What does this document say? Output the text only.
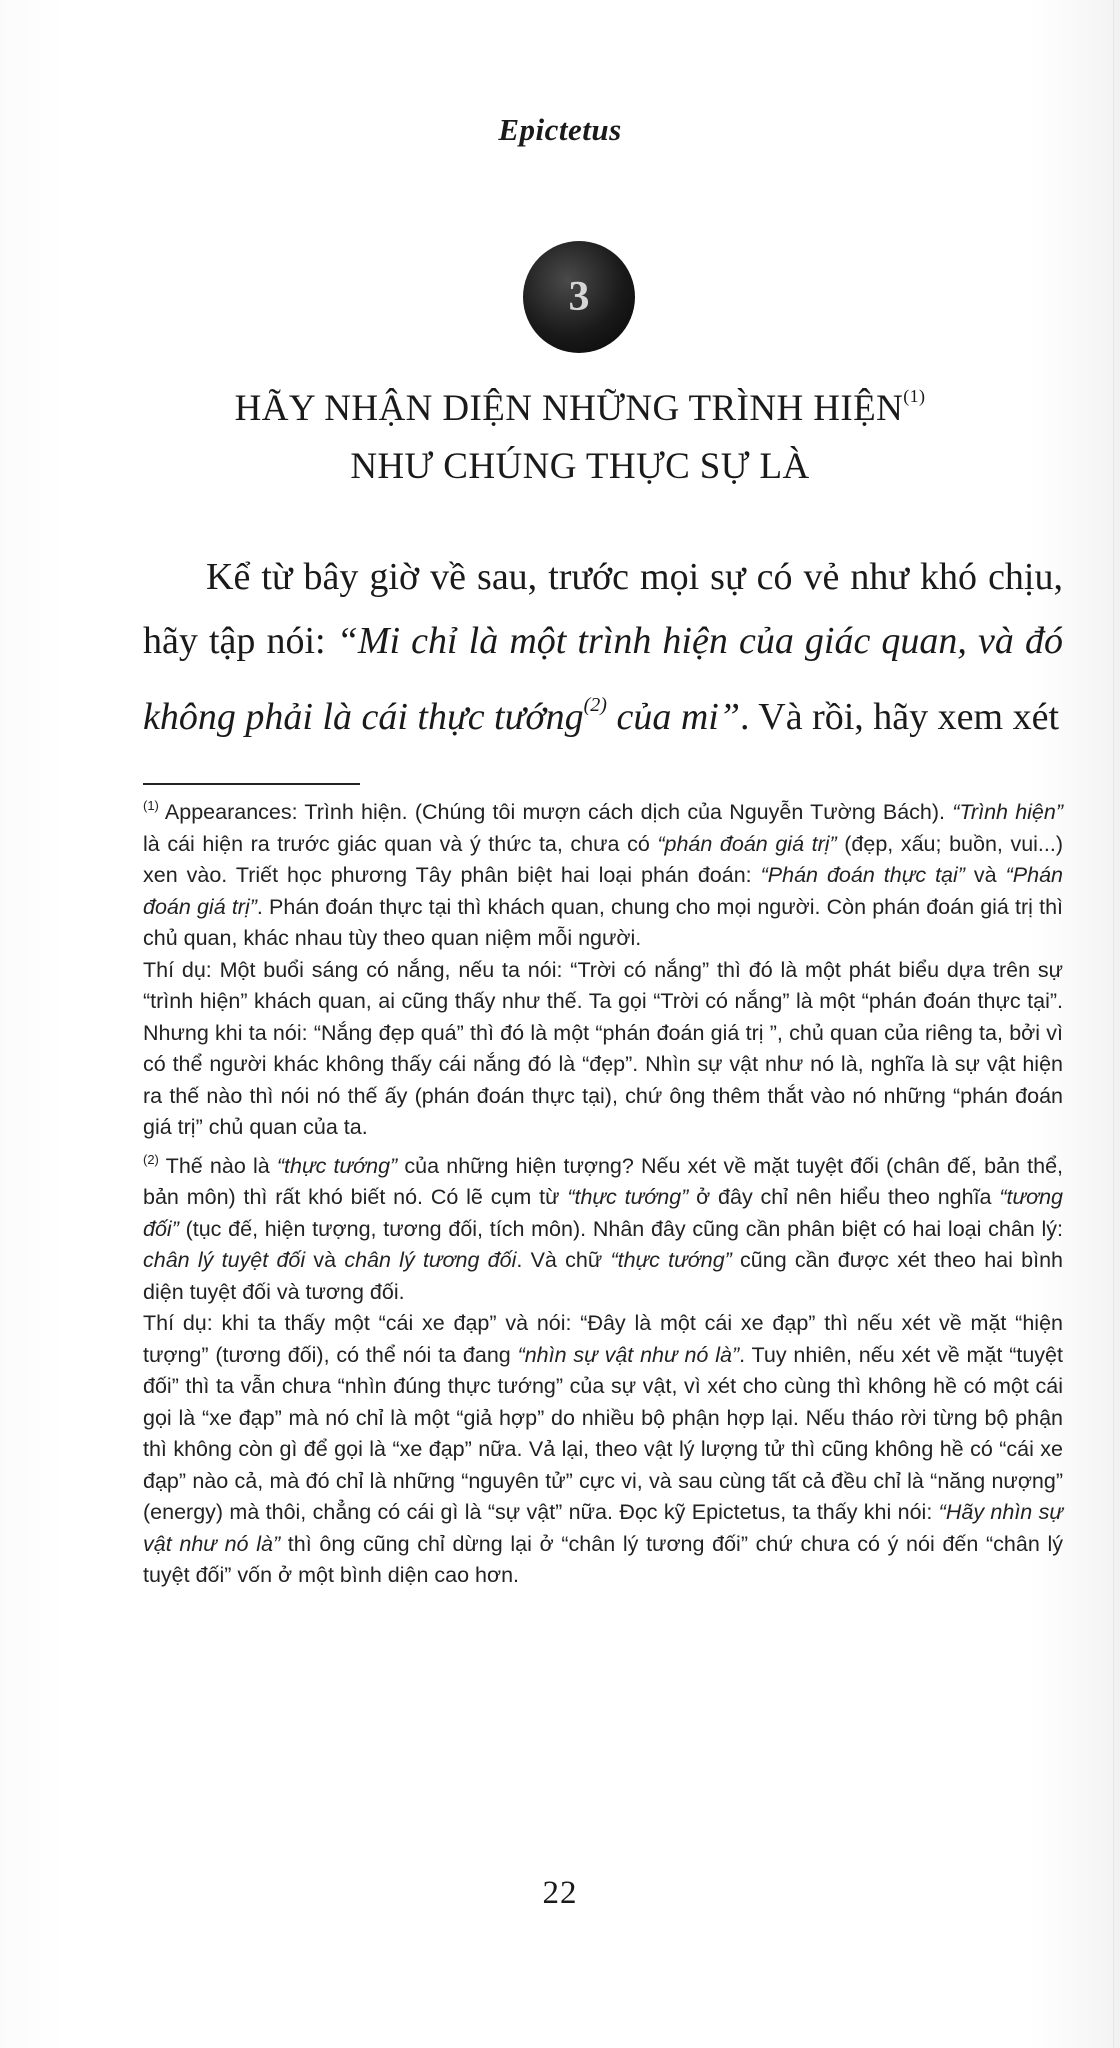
Epictetus
3
HÃY NHẬN DIỆN NHỮNG TRÌNH HIỆN$^{(1)}$
NHƯ CHÚNG THỰC SỰ LÀ
Kể từ bây giờ về sau, trước mọi sự có vẻ như khó chịu, hãy tập nói: “Mi chỉ là một trình hiện của giác quan, và đó không phải là cái thực tướng$^{(2)}$ của mi”. Và rồi, hãy xem xét

$^{(1)}$ Appearances: Trình hiện. (Chúng tôi mượn cách dịch của Nguyễn Tường Bách). “Trình hiện” là cái hiện ra trước giác quan và ý thức ta, chưa có “phán đoán giá trị” (đẹp, xấu; buồn, vui...) xen vào. Triết học phương Tây phân biệt hai loại phán đoán: “Phán đoán thực tại” và “Phán đoán giá trị”. Phán đoán thực tại thì khách quan, chung cho mọi người. Còn phán đoán giá trị thì chủ quan, khác nhau tùy theo quan niệm mỗi người.

Thí dụ: Một buổi sáng có nắng, nếu ta nói: “Trời có nắng” thì đó là một phát biểu dựa trên sự “trình hiện” khách quan, ai cũng thấy như thế. Ta gọi “Trời có nắng” là một “phán đoán thực tại”. Nhưng khi ta nói: “Nắng đẹp quá” thì đó là một “phán đoán giá trị ”, chủ quan của riêng ta, bởi vì có thể người khác không thấy cái nắng đó là “đẹp”. Nhìn sự vật như nó là, nghĩa là sự vật hiện ra thế nào thì nói nó thế ấy (phán đoán thực tại), chứ ông thêm thắt vào nó những “phán đoán giá trị” chủ quan của ta.

$^{(2)}$ Thế nào là “thực tướng” của những hiện tượng? Nếu xét về mặt tuyệt đối (chân đế, bản thể, bản môn) thì rất khó biết nó. Có lẽ cụm từ “thực tướng” ở đây chỉ nên hiểu theo nghĩa “tương đối” (tục đế, hiện tượng, tương đối, tích môn). Nhân đây cũng cần phân biệt có hai loại chân lý: chân lý tuyệt đối và chân lý tương đối. Và chữ “thực tướng” cũng cần được xét theo hai bình diện tuyệt đối và tương đối.

Thí dụ: khi ta thấy một “cái xe đạp” và nói: “Đây là một cái xe đạp” thì nếu xét về mặt “hiện tượng” (tương đối), có thể nói ta đang “nhìn sự vật như nó là”. Tuy nhiên, nếu xét về mặt “tuyệt đối” thì ta vẫn chưa “nhìn đúng thực tướng” của sự vật, vì xét cho cùng thì không hề có một cái gọi là “xe đạp” mà nó chỉ là một “giả hợp” do nhiều bộ phận hợp lại. Nếu tháo rời từng bộ phận thì không còn gì để gọi là “xe đạp” nữa. Vả lại, theo vật lý lượng tử thì cũng không hề có “cái xe đạp” nào cả, mà đó chỉ là những “nguyên tử” cực vi, và sau cùng tất cả đều chỉ là “năng nượng” (energy) mà thôi, chẳng có cái gì là “sự vật” nữa. Đọc kỹ Epictetus, ta thấy khi nói: “Hãy nhìn sự vật như nó là” thì ông cũng chỉ dừng lại ở “chân lý tương đối” chứ chưa có ý nói đến “chân lý tuyệt đối” vốn ở một bình diện cao hơn.

22
